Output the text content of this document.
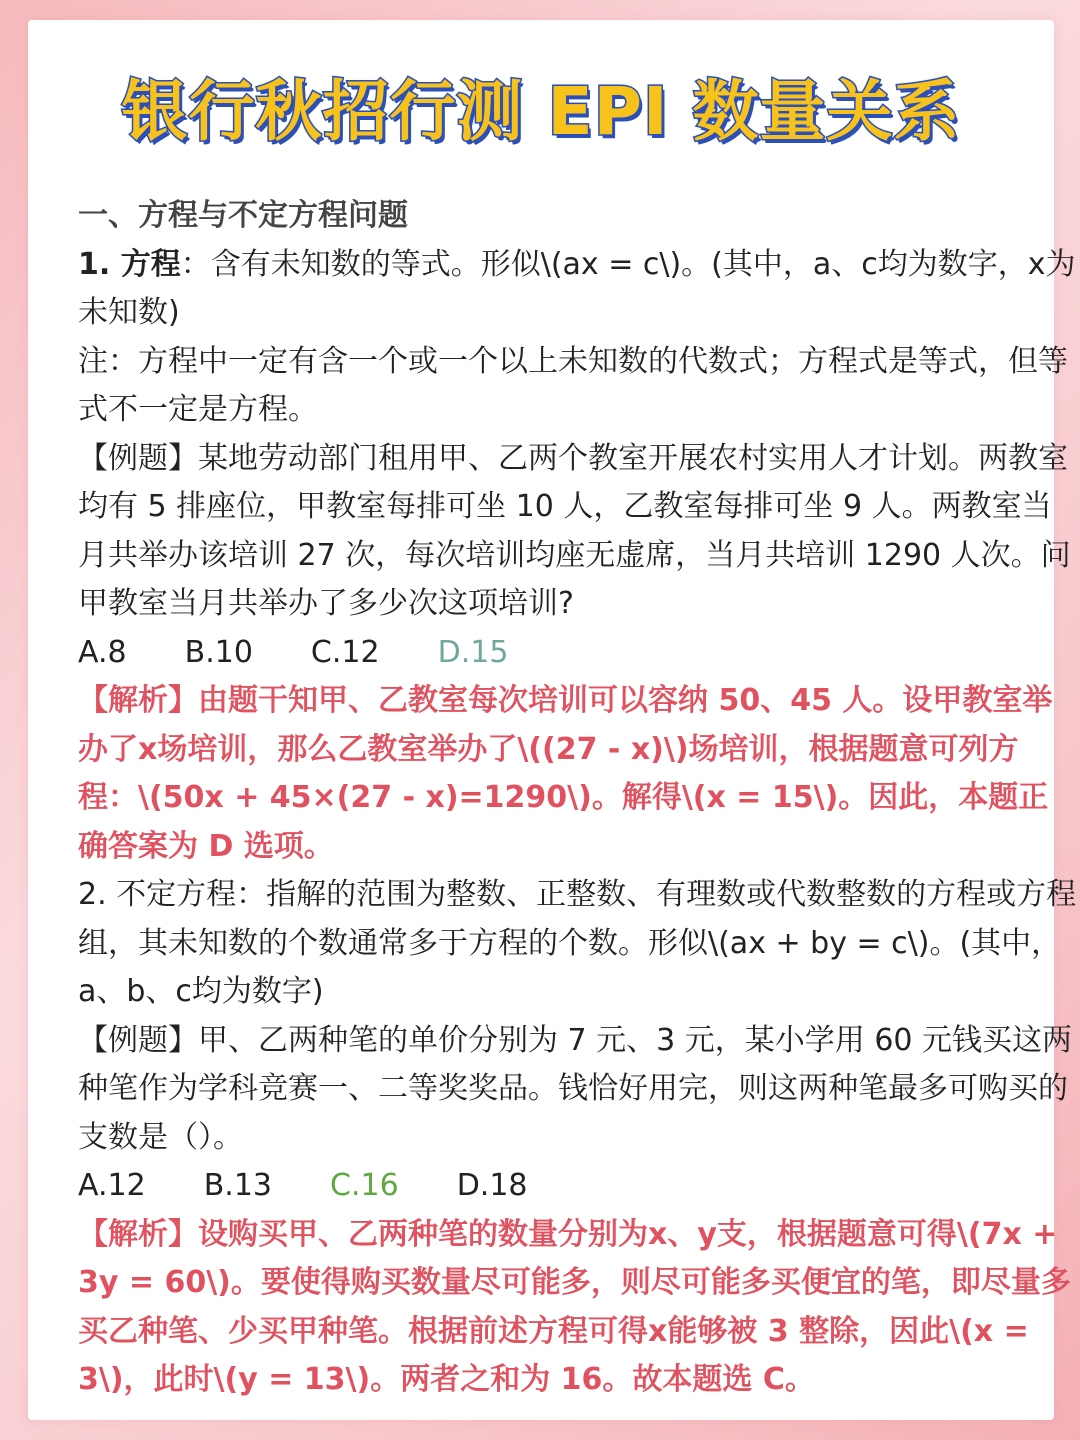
银行秋招行测 EPI 数量关系

一、方程与不定方程问题

1. 方程：含有未知数的等式。形似\(ax = c\)。(其中，a、c均为数字，x为未知数)

注：方程中一定有含一个或一个以上未知数的代数式；方程式是等式，但等式不一定是方程。

【例题】某地劳动部门租用甲、乙两个教室开展农村实用人才计划。两教室均有 5 排座位，甲教室每排可坐 10 人，乙教室每排可坐 9 人。两教室当月共举办该培训 27 次，每次培训均座无虚席，当月共培训 1290 人次。问甲教室当月共举办了多少次这项培训?

A.8 B.10 C.12 D.15

【解析】由题干知甲、乙教室每次培训可以容纳 50、45 人。设甲教室举办了x场培训，那么乙教室举办了\((27 - x)\)场培训，根据题意可列方程：\(50x + 45×(27 - x)=1290\)。解得\(x = 15\)。因此，本题正确答案为 D 选项。

2. 不定方程：指解的范围为整数、正整数、有理数或代数整数的方程或方程组，其未知数的个数通常多于方程的个数。形似\(ax + by = c\)。(其中，a、b、c均为数字)

【例题】甲、乙两种笔的单价分别为 7 元、3 元，某小学用 60 元钱买这两种笔作为学科竞赛一、二等奖奖品。钱恰好用完，则这两种笔最多可购买的支数是（）。

A.12 B.13 C.16 D.18

【解析】设购买甲、乙两种笔的数量分别为x、y支，根据题意可得\(7x + 3y = 60\)。要使得购买数量尽可能多，则尽可能多买便宜的笔，即尽量多买乙种笔、少买甲种笔。根据前述方程可得x能够被 3 整除，因此\(x = 3\)，此时\(y = 13\)。两者之和为 16。故本题选 C。
